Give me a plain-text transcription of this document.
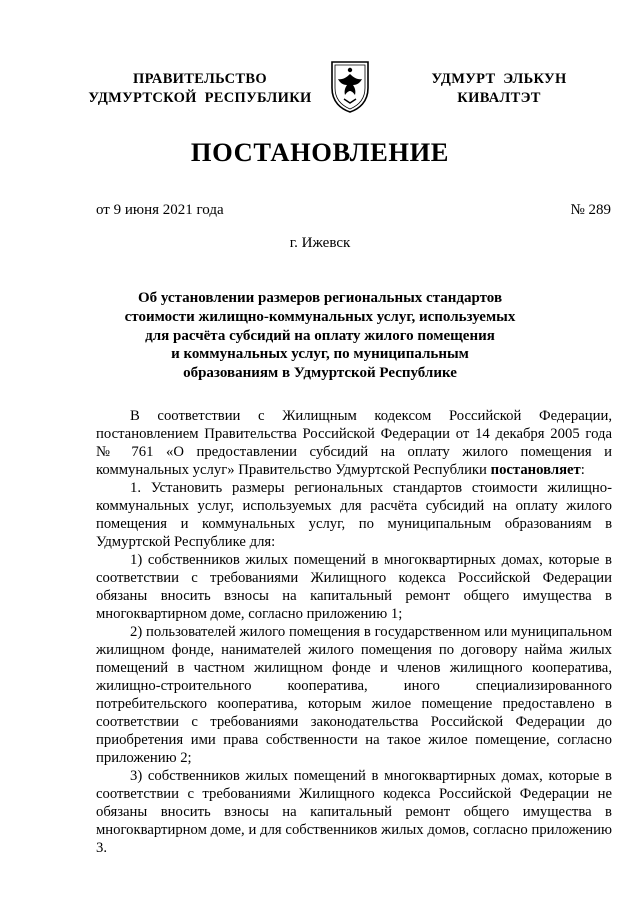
ПРАВИТЕЛЬСТВО
УДМУРТСКОЙ  РЕСПУБЛИКИ
УДМУРТ  ЭЛЬКУН
КИВАЛТЭТ
ПОСТАНОВЛЕНИЕ
от 9 июня 2021 года	№ 289
г. Ижевск
Об установлении размеров региональных стандартов
стоимости жилищно-коммунальных услуг, используемых
для расчёта субсидий на оплату жилого помещения
и коммунальных услуг, по муниципальным
образованиям в Удмуртской Республике

В соответствии с Жилищным кодексом Российской Федерации, постановлением Правительства Российской Федерации от 14 декабря 2005 года № 761 «О предоставлении субсидий на оплату жилого помещения и коммунальных услуг» Правительство Удмуртской Республики постановляет:

1. Установить размеры региональных стандартов стоимости жилищно-коммунальных услуг, используемых для расчёта субсидий на оплату жилого помещения и коммунальных услуг, по муниципальным образованиям в Удмуртской Республике для:

1) собственников жилых помещений в многоквартирных домах, которые в соответствии с требованиями Жилищного кодекса Российской Федерации обязаны вносить взносы на капитальный ремонт общего имущества в многоквартирном доме, согласно приложению 1;

2) пользователей жилого помещения в государственном или муниципальном жилищном фонде, нанимателей жилого помещения по договору найма жилых помещений в частном жилищном фонде и членов жилищного кооператива, жилищно-строительного кооператива, иного специализированного потребительского кооператива, которым жилое помещение предоставлено в соответствии с требованиями законодательства Российской Федерации до приобретения ими права собственности на такое жилое помещение, согласно приложению 2;

3) собственников жилых помещений в многоквартирных домах, которые в соответствии с требованиями Жилищного кодекса Российской Федерации не обязаны вносить взносы на капитальный ремонт общего имущества в многоквартирном доме, и для собственников жилых домов, согласно приложению 3.
